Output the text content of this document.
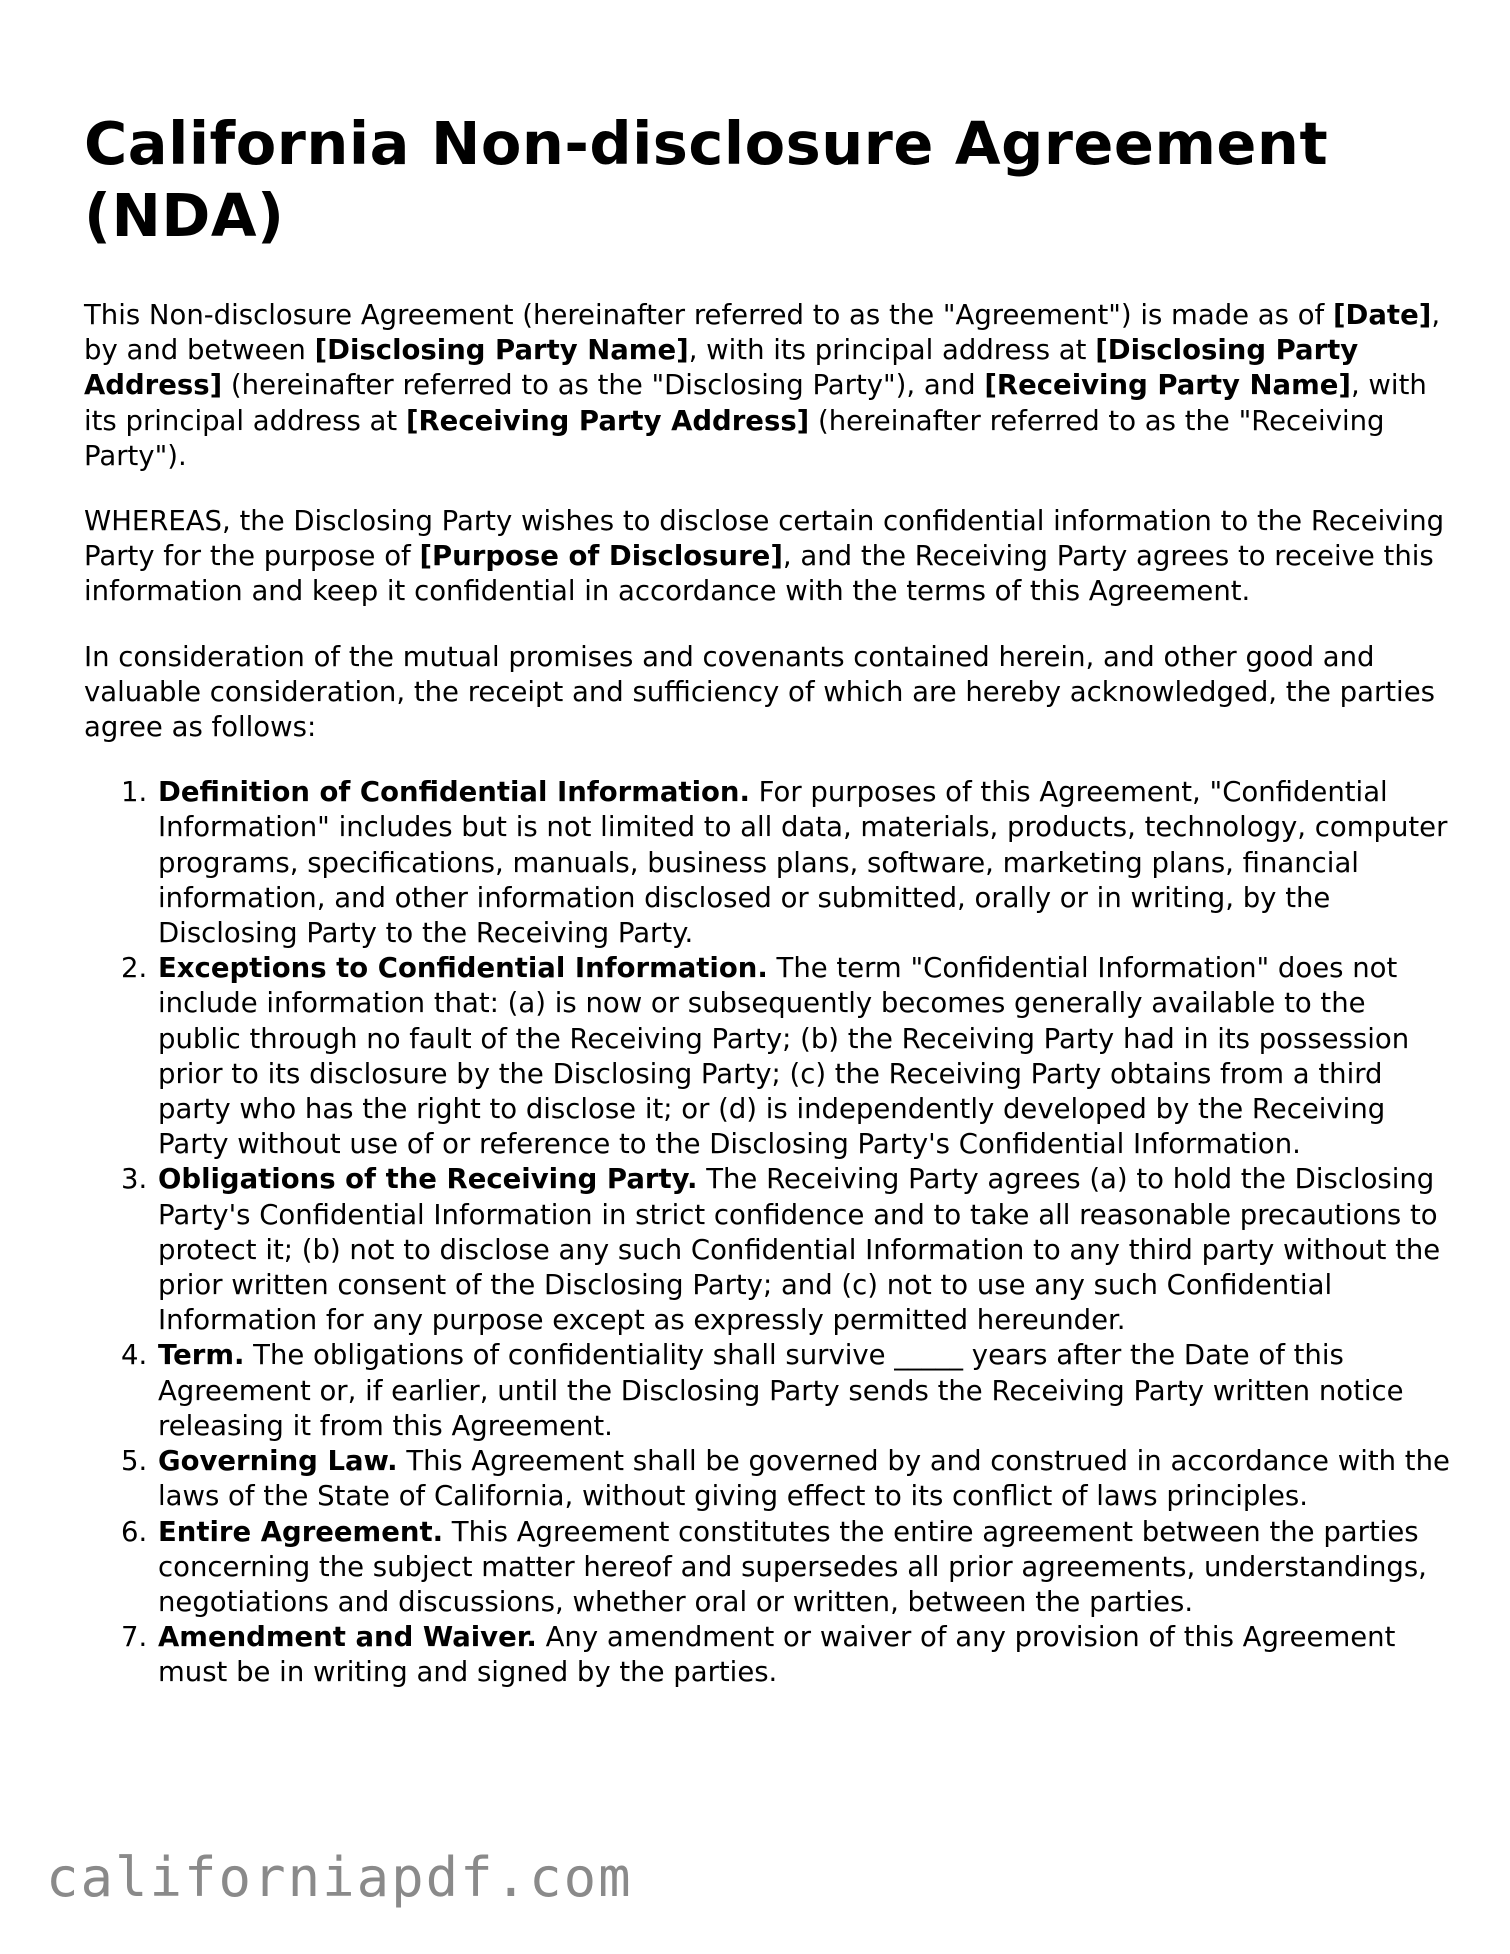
California Non-disclosure Agreement (NDA)

This Non-disclosure Agreement (hereinafter referred to as the "Agreement") is made as of [Date], by and between [Disclosing Party Name], with its principal address at [Disclosing Party Address] (hereinafter referred to as the "Disclosing Party"), and [Receiving Party Name], with its principal address at [Receiving Party Address] (hereinafter referred to as the "Receiving Party").

WHEREAS, the Disclosing Party wishes to disclose certain confidential information to the Receiving Party for the purpose of [Purpose of Disclosure], and the Receiving Party agrees to receive this information and keep it confidential in accordance with the terms of this Agreement.

In consideration of the mutual promises and covenants contained herein, and other good and valuable consideration, the receipt and sufficiency of which are hereby acknowledged, the parties agree as follows:

1. Definition of Confidential Information. For purposes of this Agreement, "Confidential Information" includes but is not limited to all data, materials, products, technology, computer programs, specifications, manuals, business plans, software, marketing plans, financial information, and other information disclosed or submitted, orally or in writing, by the Disclosing Party to the Receiving Party.
2. Exceptions to Confidential Information. The term "Confidential Information" does not include information that: (a) is now or subsequently becomes generally available to the public through no fault of the Receiving Party; (b) the Receiving Party had in its possession prior to its disclosure by the Disclosing Party; (c) the Receiving Party obtains from a third party who has the right to disclose it; or (d) is independently developed by the Receiving Party without use of or reference to the Disclosing Party's Confidential Information.
3. Obligations of the Receiving Party. The Receiving Party agrees (a) to hold the Disclosing Party's Confidential Information in strict confidence and to take all reasonable precautions to protect it; (b) not to disclose any such Confidential Information to any third party without the prior written consent of the Disclosing Party; and (c) not to use any such Confidential Information for any purpose except as expressly permitted hereunder.
4. Term. The obligations of confidentiality shall survive _____ years after the Date of this Agreement or, if earlier, until the Disclosing Party sends the Receiving Party written notice releasing it from this Agreement.
5. Governing Law. This Agreement shall be governed by and construed in accordance with the laws of the State of California, without giving effect to its conflict of laws principles.
6. Entire Agreement. This Agreement constitutes the entire agreement between the parties concerning the subject matter hereof and supersedes all prior agreements, understandings, negotiations and discussions, whether oral or written, between the parties.
7. Amendment and Waiver. Any amendment or waiver of any provision of this Agreement must be in writing and signed by the parties.
californiapdf.com
